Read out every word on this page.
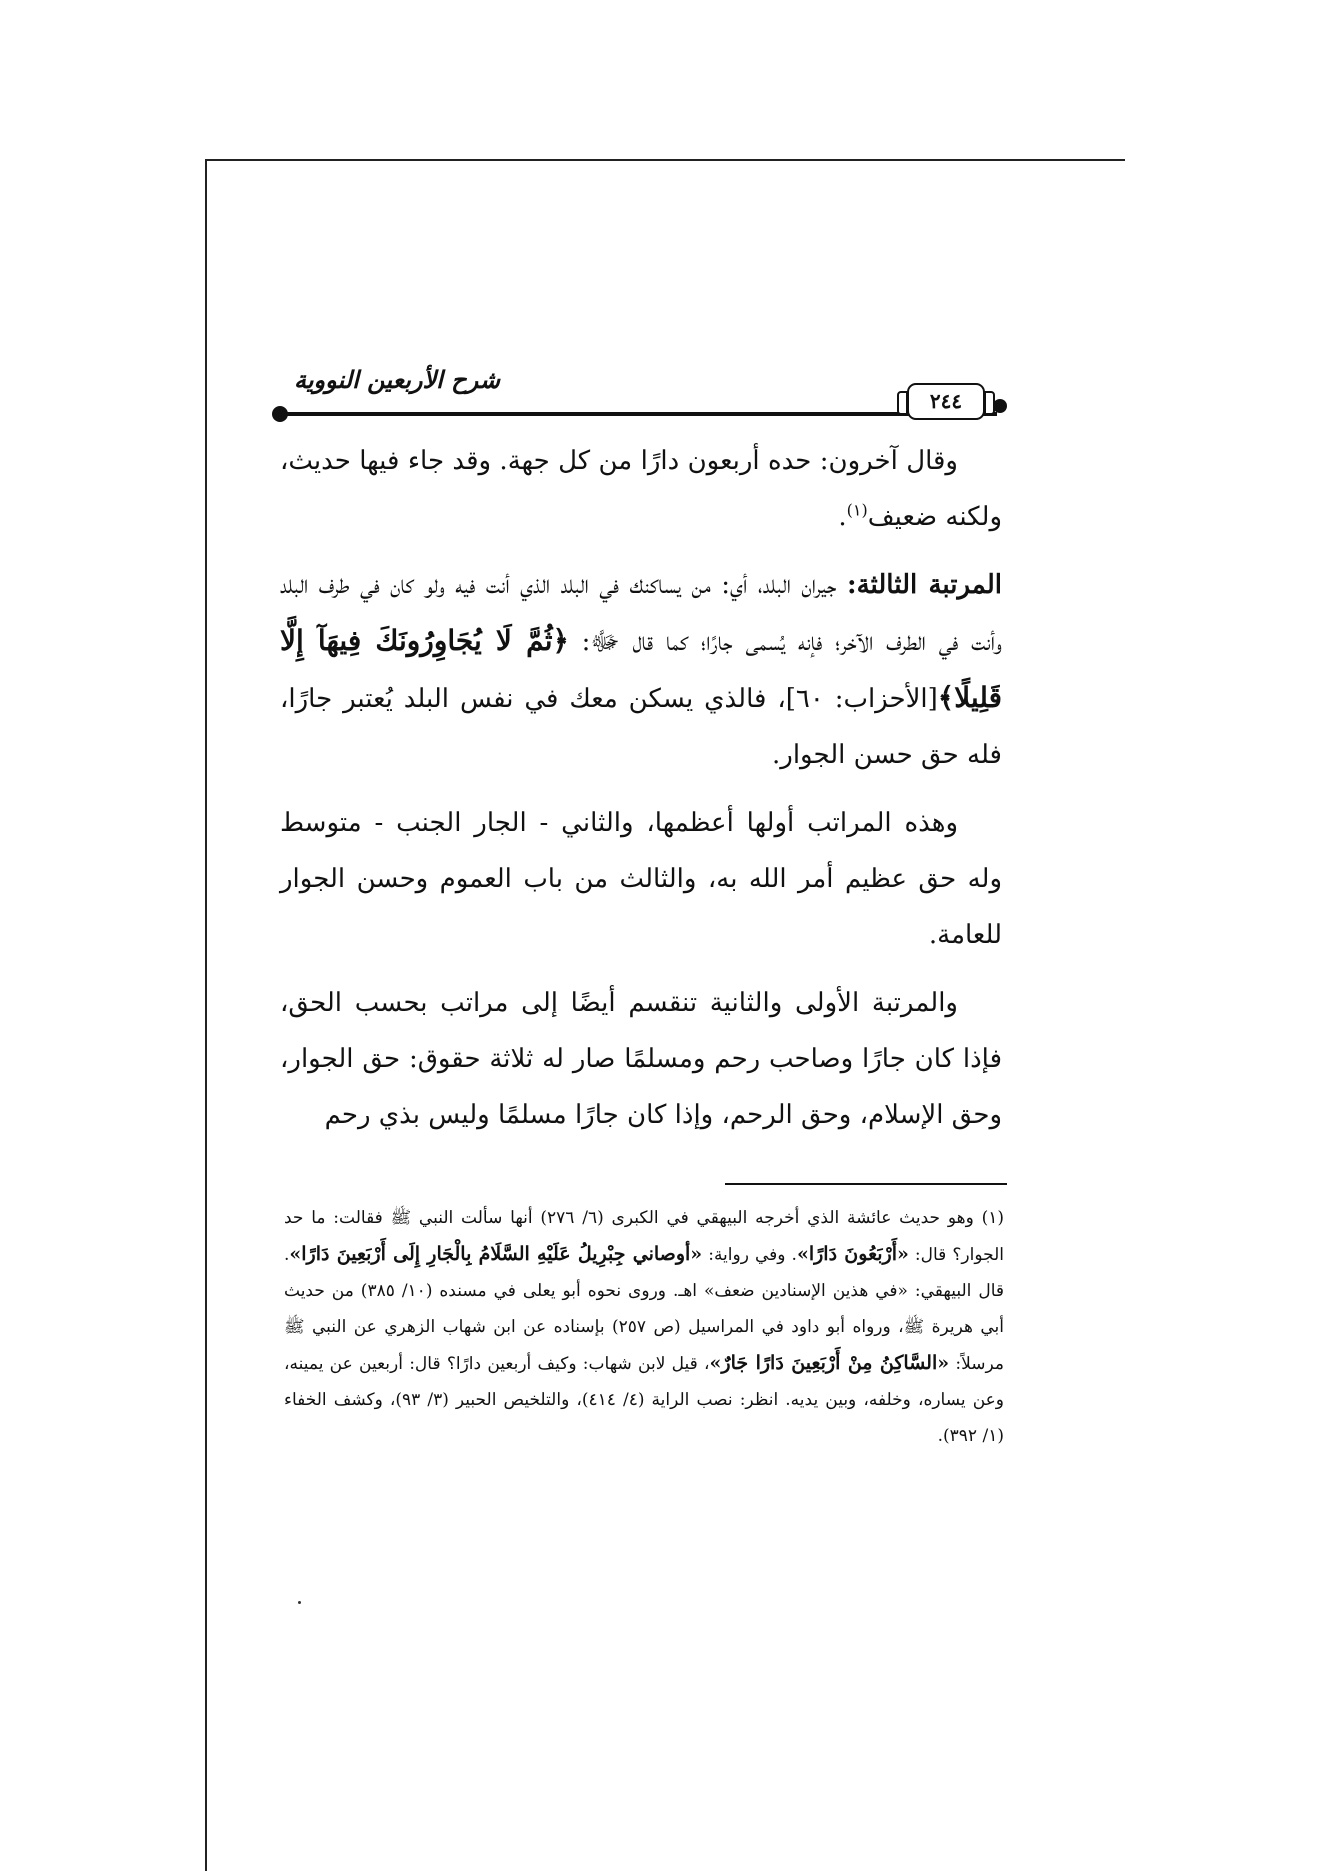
شرح الأربعين النووية
٢٤٤

وقال آخرون: حده أربعون دارًا من كل جهة. وقد جاء فيها حديث، ولكنه ضعيف$^{(١)}$.

المرتبة الثالثة: جيران البلد، أي: من يساكنك في البلد الذي أنت فيه ولو كان في طرف البلد وأنت في الطرف الآخر؛ فإنه يُسمى جارًا؛ كما قال ﷻ: ﴿ثُمَّ لَا يُجَاوِرُونَكَ فِيهَآ إِلَّا قَلِيلًا﴾[الأحزاب: ٦٠]، فالذي يسكن معك في نفس البلد يُعتبر جارًا، فله حق حسن الجوار.

وهذه المراتب أولها أعظمها، والثاني - الجار الجنب - متوسط وله حق عظيم أمر الله به، والثالث من باب العموم وحسن الجوار للعامة.

والمرتبة الأولى والثانية تنقسم أيضًا إلى مراتب بحسب الحق، فإذا كان جارًا وصاحب رحم ومسلمًا صار له ثلاثة حقوق: حق الجوار، وحق الإسلام، وحق الرحم، وإذا كان جارًا مسلمًا وليس بذي رحم

(١) وهو حديث عائشة الذي أخرجه البيهقي في الكبرى (٦/ ٢٧٦) أنها سألت النبي ﷺ فقالت: ما حد الجوار؟ قال: «أَرْبَعُونَ دَارًا». وفي رواية: «أوصاني جِبْرِيلُ عَلَيْهِ السَّلَامُ بِالْجَارِ إِلَى أَرْبَعِينَ دَارًا». قال البيهقي: «في هذين الإسنادين ضعف» اهـ. وروى نحوه أبو يعلى في مسنده (١٠/ ٣٨٥) من حديث أبي هريرة ﷺ، ورواه أبو داود في المراسيل (ص ٢٥٧) بإسناده عن ابن شهاب الزهري عن النبي ﷺ مرسلاً: «السَّاكِنُ مِنْ أَرْبَعِينَ دَارًا جَارٌ»، قيل لابن شهاب: وكيف أربعين دارًا؟ قال: أربعين عن يمينه، وعن يساره، وخلفه، وبين يديه. انظر: نصب الراية (٤/ ٤١٤)، والتلخيص الحبير (٣/ ٩٣)، وكشف الخفاء (١/ ٣٩٢).
